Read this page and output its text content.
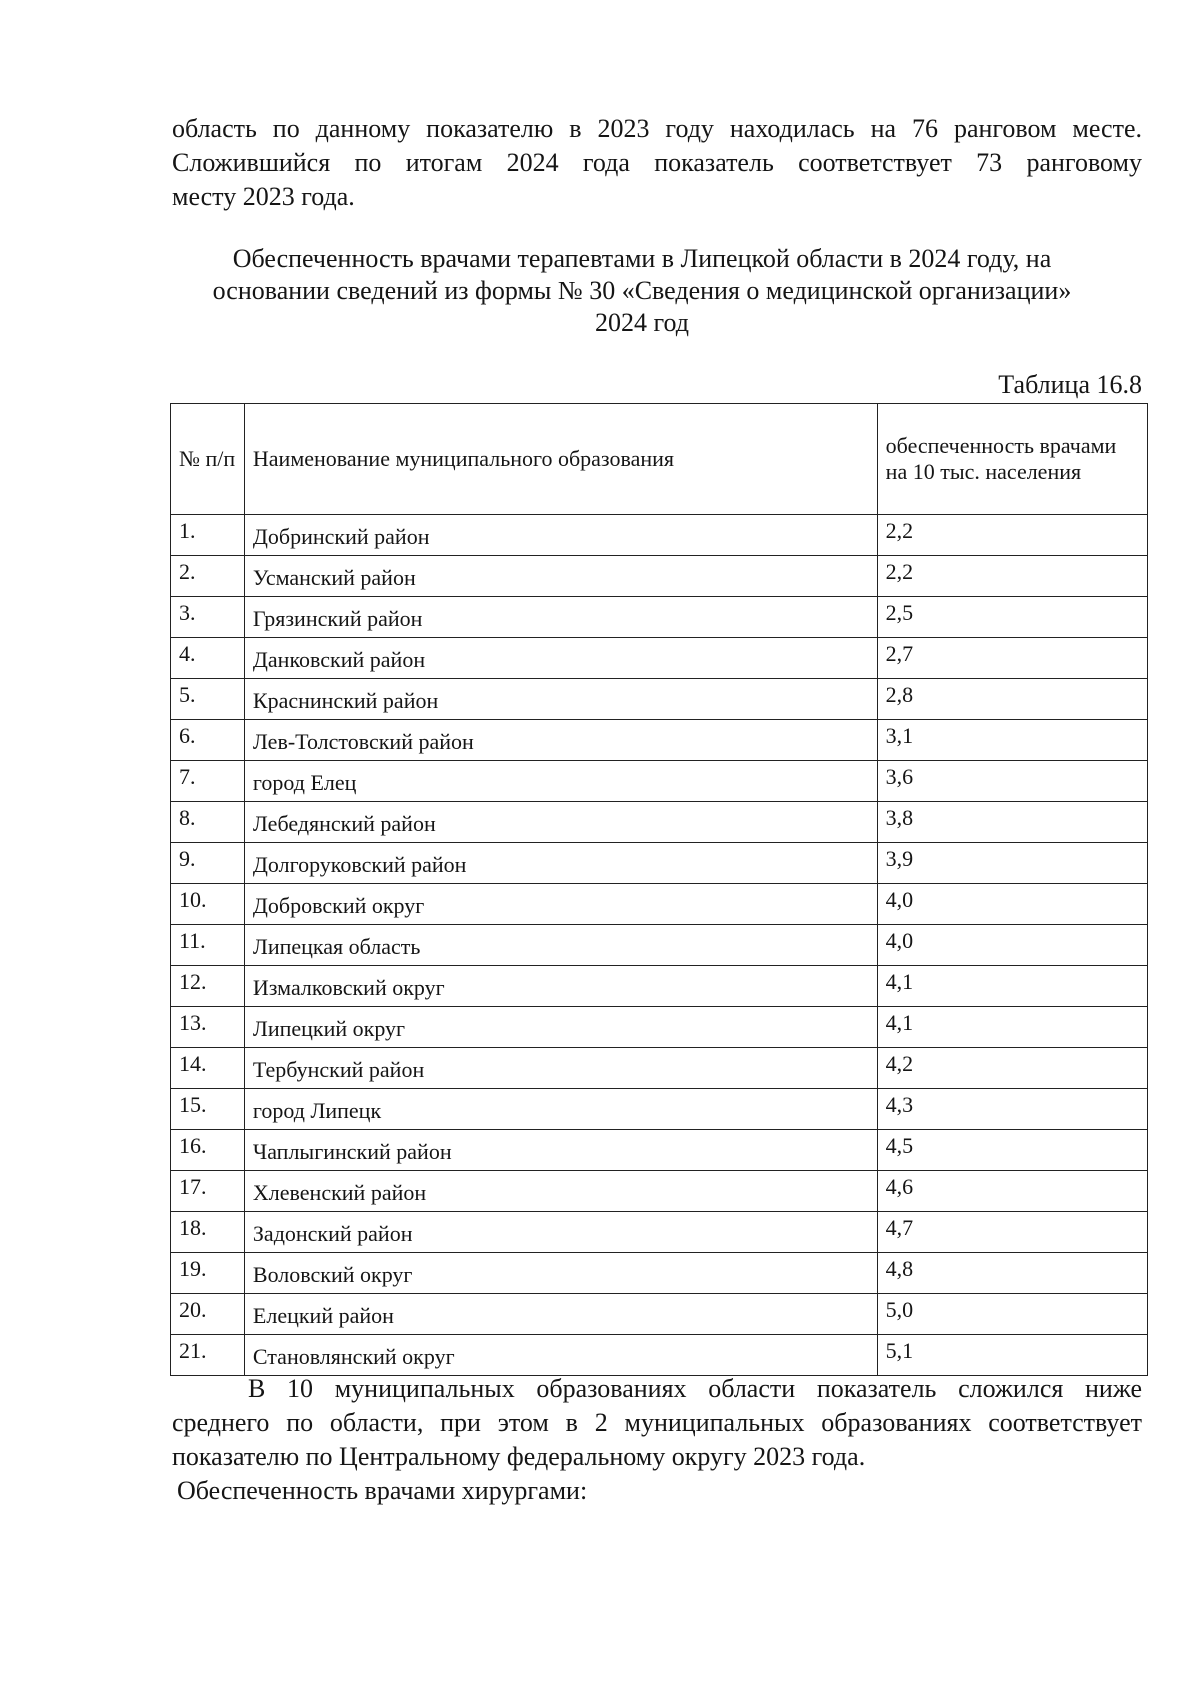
область по данному показателю в 2023 году находилась на 76 ранговом месте.
Сложившийся по итогам 2024 года показатель соответствует 73 ранговому
месту 2023 года.
Обеспеченность врачами терапевтами в Липецкой области в 2024 году, на
основании сведений из формы № 30 «Сведения о медицинской организации»
2024 год
Таблица 16.8
№ п/п	Наименование муниципального образования	обеспеченность врачами на 10 тыс. населения
1.	Добринский район	2,2
2.	Усманский район	2,2
3.	Грязинский район	2,5
4.	Данковский район	2,7
5.	Краснинский район	2,8
6.	Лев-Толстовский район	3,1
7.	город Елец	3,6
8.	Лебедянский район	3,8
9.	Долгоруковский район	3,9
10.	Добровский округ	4,0
11.	Липецкая область	4,0
12.	Измалковский округ	4,1
13.	Липецкий округ	4,1
14.	Тербунский район	4,2
15.	город Липецк	4,3
16.	Чаплыгинский район	4,5
17.	Хлевенский район	4,6
18.	Задонский район	4,7
19.	Воловский округ	4,8
20.	Елецкий район	5,0
21.	Становлянский округ	5,1
В 10 муниципальных образованиях области показатель сложился ниже
среднего по области, при этом в 2 муниципальных образованиях соответствует
показателю по Центральному федеральному округу 2023 года.
Обеспеченность врачами хирургами:
